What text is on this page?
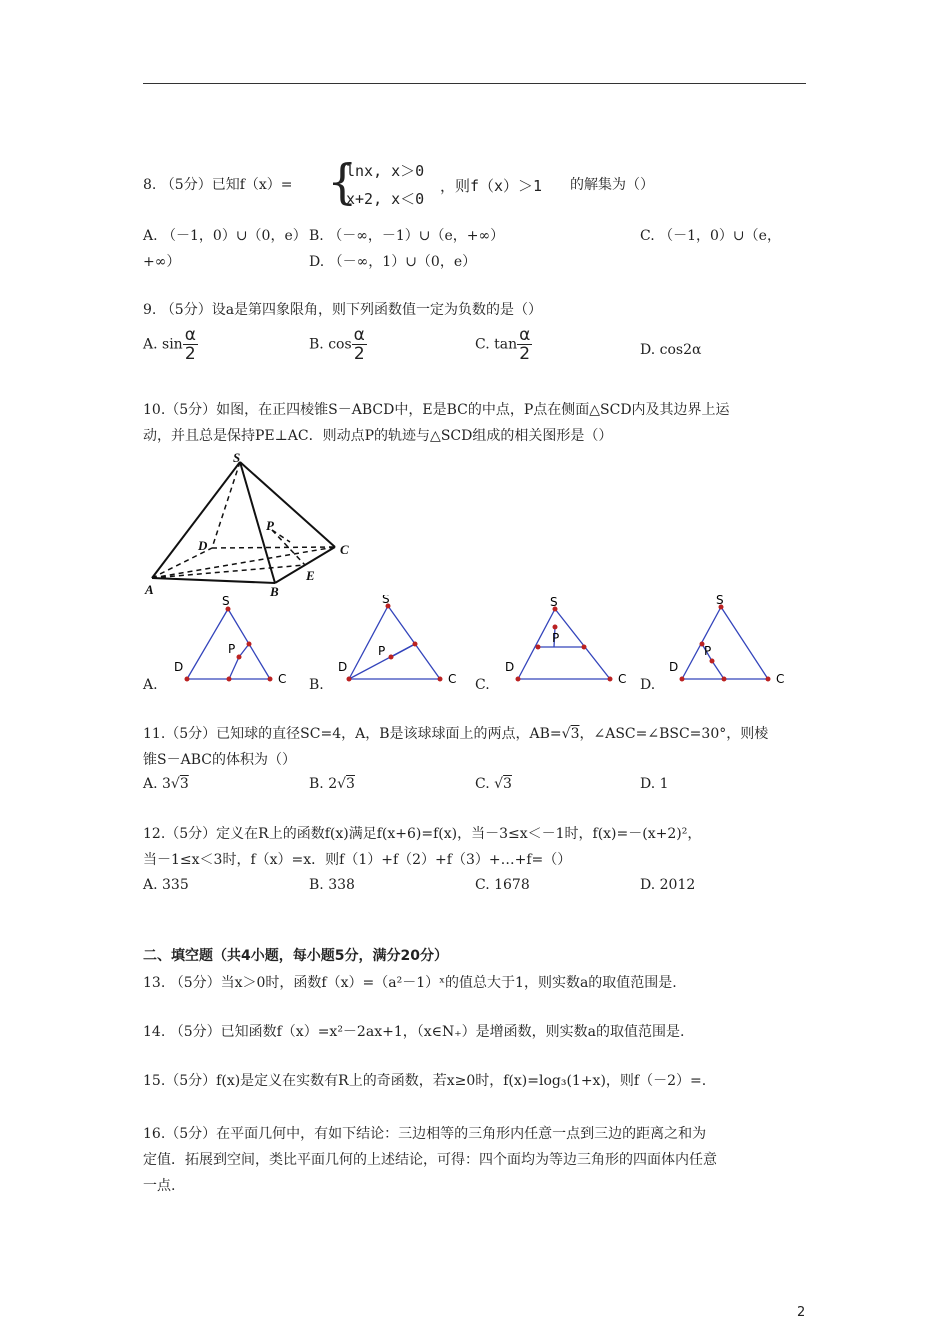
8. （5分）已知f（x）= {
lnx, x＞0
x+2, x＜0
，则f（x）＞1 的解集为（）
A. （－1，0）∪（0，e） B. （－∞，－1）∪（e，+∞）	C. （－1，0）∪（e，
+∞）	D. （－∞，1）∪（0，e）
9. （5分）设a是第四象限角，则下列函数值一定为负数的是（）
A. $\sin \frac{\alpha}{2}$	B. $\cos \frac{\alpha}{2}$	C. $\tan \frac{\alpha}{2}$	D. cos2α
10.（5分）如图，在正四棱锥S－ABCD中，E是BC的中点，P点在侧面△SCD内及其边界上运
动，并且总是保持PE⊥AC．则动点P的轨迹与△SCD组成的相关图形是（）
S
D
P
C
A	B
E
A.	B.	C.	D.
S
D
C
P
S
D
C
P
S
D
C
P
S
D
C
P
11.（5分）已知球的直径SC=4，A，B是该球球面上的两点，AB=√3，∠ASC=∠BSC=30°，则棱
锥S－ABC的体积为（）
A. 3√3	B. 2√3	C. √3	D. 1
12.（5分）定义在R上的函数f(x)满足f(x+6)=f(x)，当－3≤x＜－1时，f(x)=－(x+2)²，
当－1≤x＜3时，f（x）=x．则f（1）+f（2）+f（3）+…+f=（）
A. 335	B. 338	C. 1678	D. 2012
二、填空题（共4小题，每小题5分，满分20分）
13. （5分）当x＞0时，函数f（x）=（a²－1）ˣ的值总大于1，则实数a的取值范围是.
14. （5分）已知函数f（x）=x²－2ax+1，（x∈N₊）是增函数，则实数a的取值范围是.
15.（5分）f(x)是定义在实数有R上的奇函数，若x≥0时，f(x)=log₃(1+x)，则f（－2）=.
16.（5分）在平面几何中，有如下结论：三边相等的三角形内任意一点到三边的距离之和为
定值．拓展到空间，类比平面几何的上述结论，可得：四个面均为等边三角形的四面体内任意
一点.
2
